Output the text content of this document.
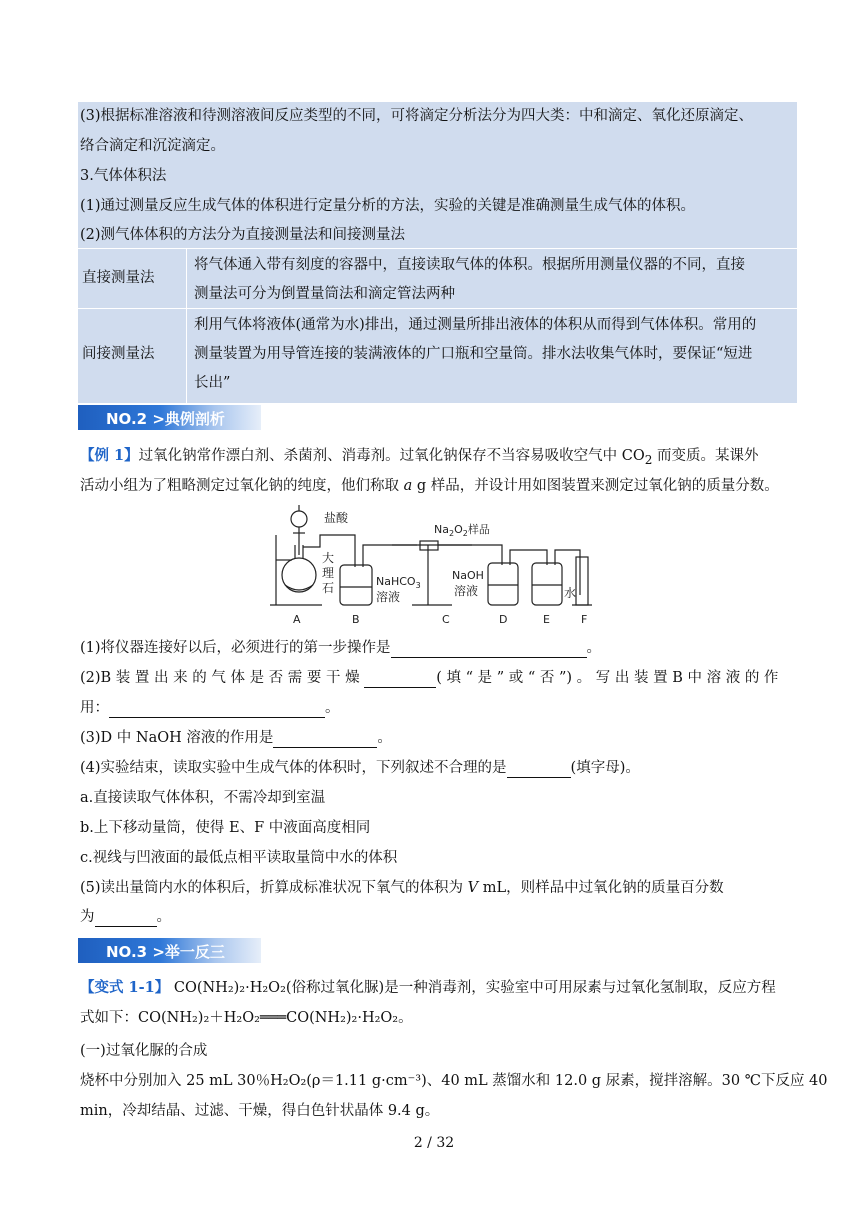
(3)根据标准溶液和待测溶液间反应类型的不同，可将滴定分析法分为四大类：中和滴定、氧化还原滴定、
络合滴定和沉淀滴定。
3.气体体积法
(1)通过测量反应生成气体的体积进行定量分析的方法，实验的关键是准确测量生成气体的体积。
(2)测气体体积的方法分为直接测量法和间接测量法
直接测量法
将气体通入带有刻度的容器中，直接读取气体的体积。根据所用测量仪器的不同，直接
测量法可分为倒置量筒法和滴定管法两种
间接测量法
利用气体将液体(通常为水)排出，通过测量所排出液体的体积从而得到气体体积。常用的
测量装置为用导管连接的装满液体的广口瓶和空量筒。排水法收集气体时，要保证“短进
长出”
NO.2 >典例剖析
【例 1】过氧化钠常作漂白剂、杀菌剂、消毒剂。过氧化钠保存不当容易吸收空气中 $CO_2$ 而变质。某课外
活动小组为了粗略测定过氧化钠的纯度，他们称取 a g 样品，并设计用如图装置来测定过氧化钠的质量分数。
盐酸
大
理
石	NaHCO$_3$
溶液
$Na_2O_2$样品
NaOH
溶液	水
A	B	C	D	E	F
(1)将仪器连接好以后，必须进行的第一步操作是	。
(2)B 装 置 出 来 的 气 体 是 否 需 要 干 燥	( 填 “ 是 ” 或 “ 否 ”) 。 写 出 装 置 B 中 溶 液 的 作
用：	。
(3)D 中 NaOH 溶液的作用是	。
(4)实验结束，读取实验中生成气体的体积时，下列叙述不合理的是	(填字母)。
a.直接读取气体体积，不需冷却到室温
b.上下移动量筒，使得 E、F 中液面高度相同
c.视线与凹液面的最低点相平读取量筒中水的体积
(5)读出量筒内水的体积后，折算成标准状况下氧气的体积为 V mL，则样品中过氧化钠的质量百分数
为	。
NO.3 >举一反三
【变式 1-1】 CO(NH₂)₂·H₂O₂(俗称过氧化脲)是一种消毒剂，实验室中可用尿素与过氧化氢制取，反应方程
式如下：CO(NH₂)₂＋H₂O₂═══CO(NH₂)₂·H₂O₂。
(一)过氧化脲的合成
烧杯中分别加入 25 mL 30％H₂O₂(ρ＝1.11 g·cm⁻³)、40 mL 蒸馏水和 12.0 g 尿素，搅拌溶解。30 ℃下反应 40
min，冷却结晶、过滤、干燥，得白色针状晶体 9.4 g。
2 / 32
